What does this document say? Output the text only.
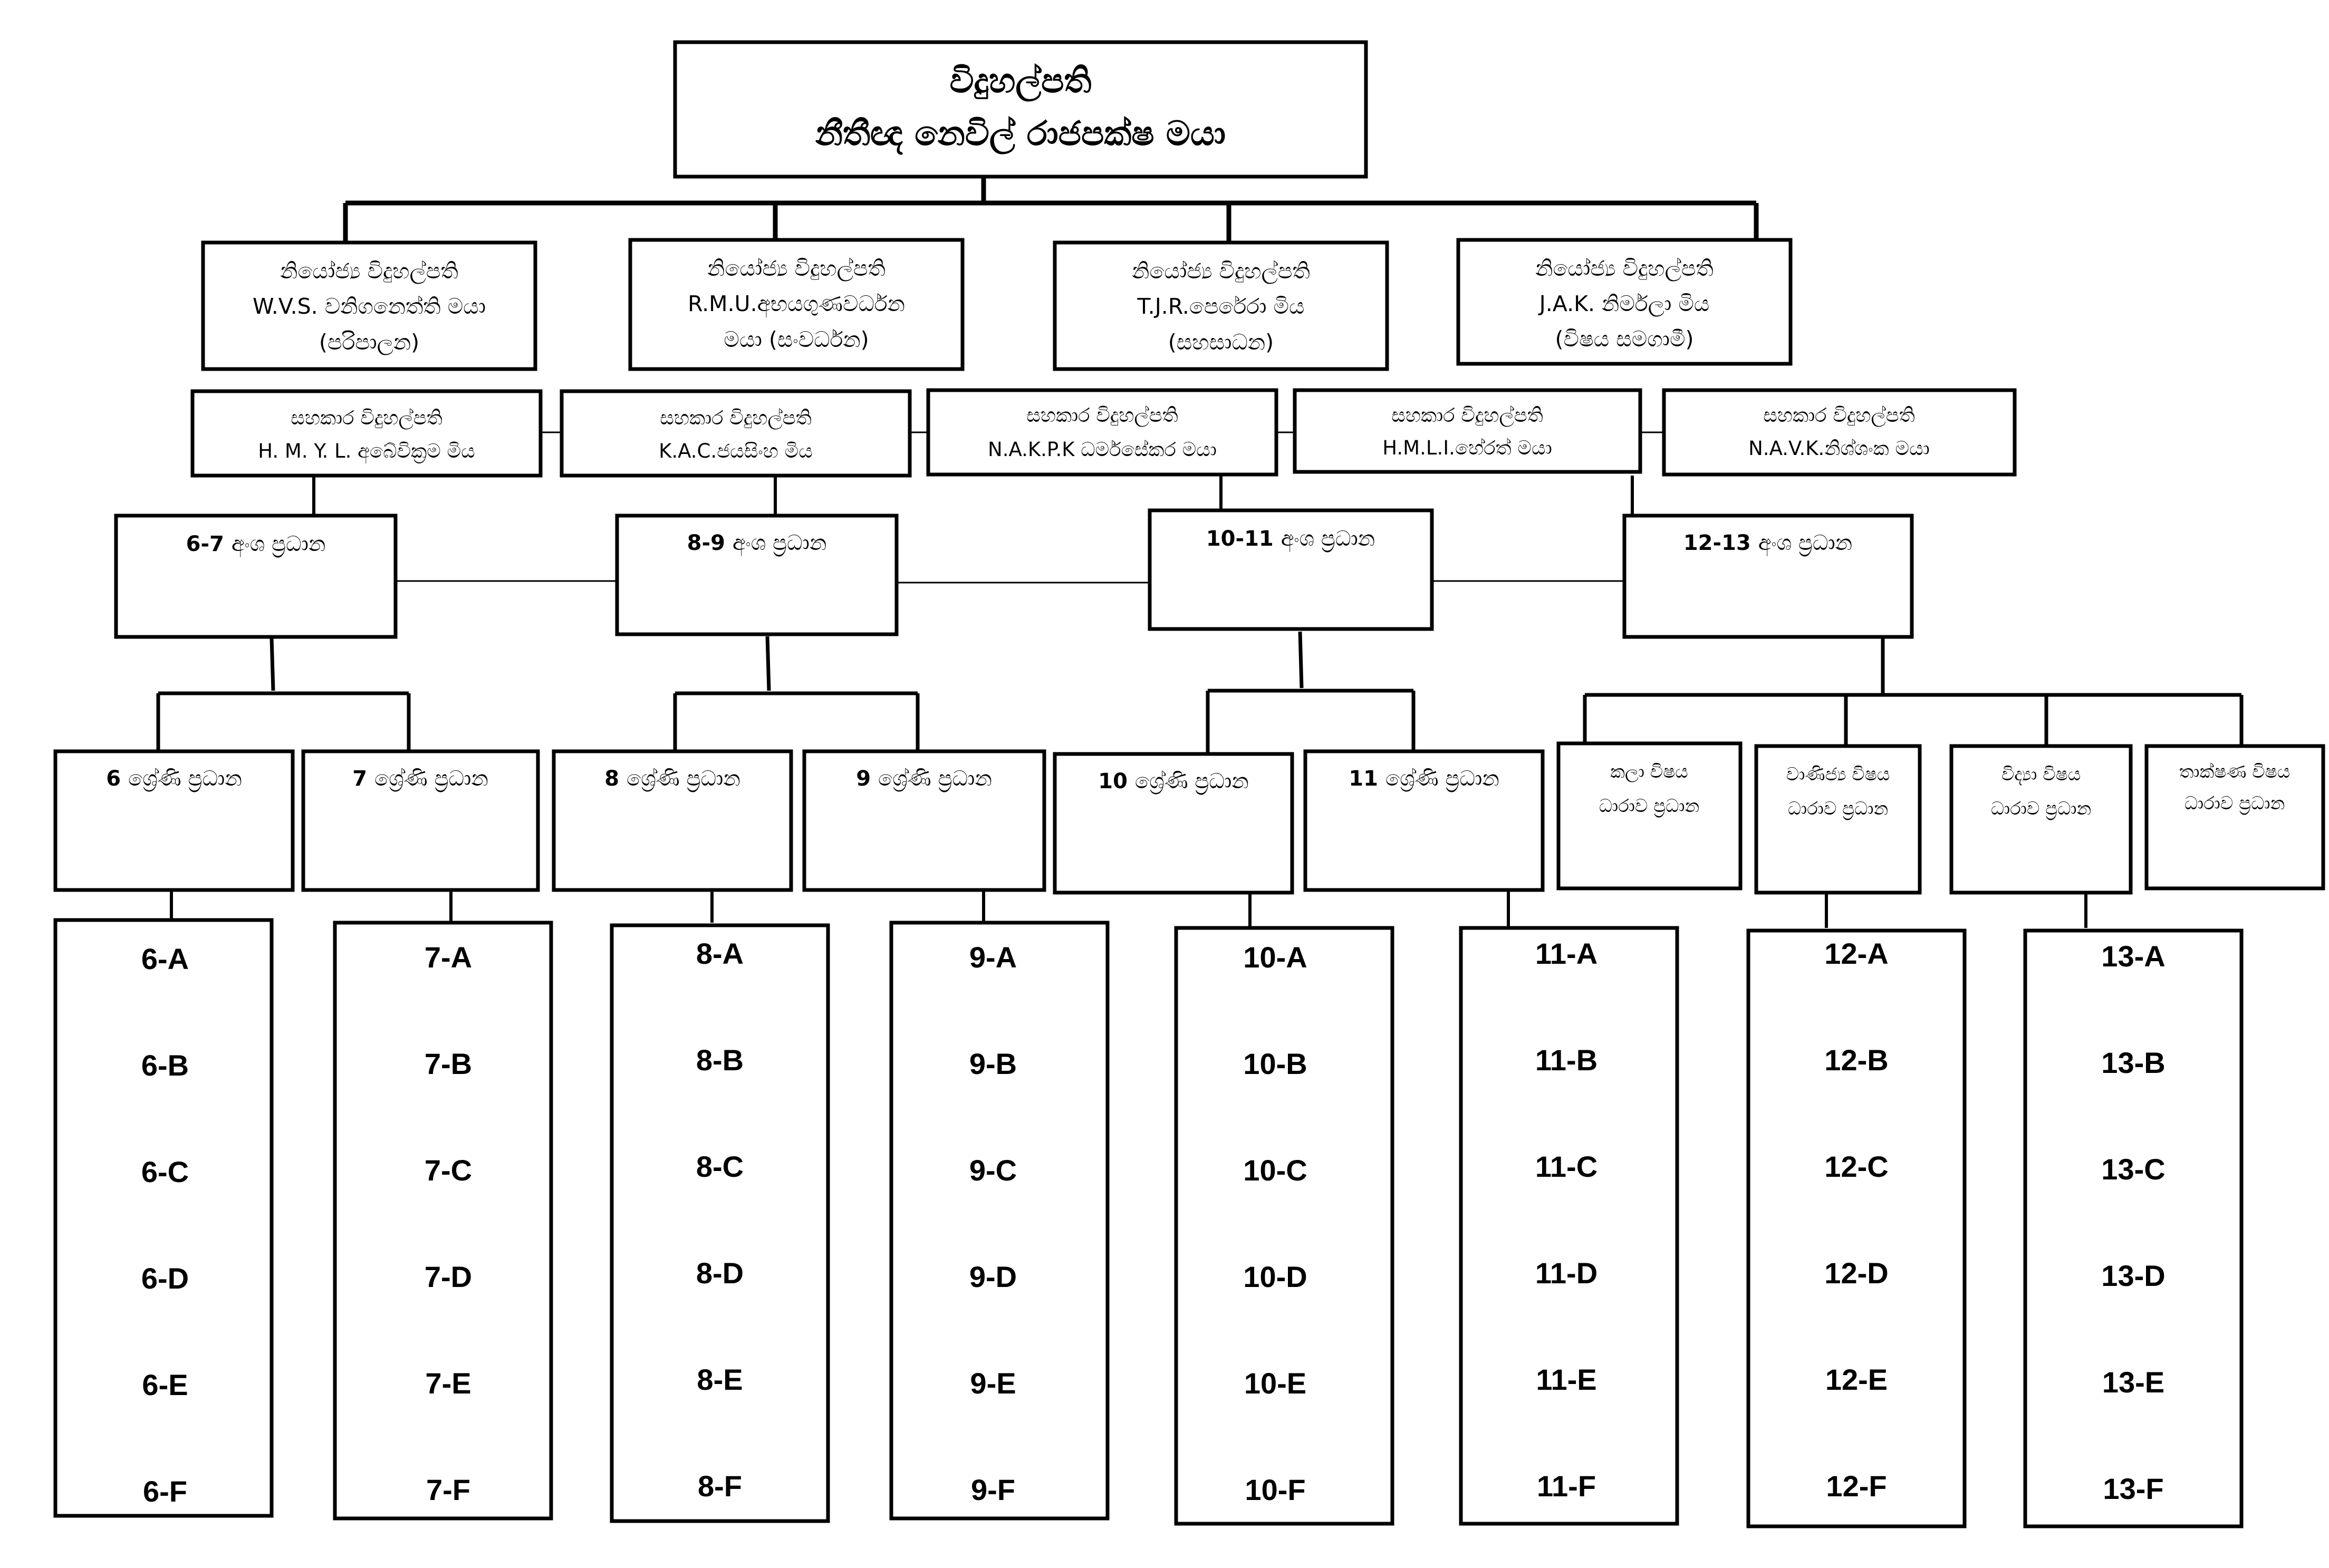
විදුහල්පති
නීතීඥ නෙවිල් රාජපක්ෂ මයා
නියෝජ්‍ය විදුහල්පති
W.V.S. වනිගනෙත්ති මයා
(පරිපාලන)
නියෝජ්‍ය විදුහල්පති
R.M.U.අභයගුණවර්ධන
මයා (සංවර්ධන)
නියෝජ්‍ය විදුහල්පති
T.J.R.පෙරේරා මිය
(සහසාධන)
නියෝජ්‍ය විදුහල්පති
J.A.K. නිර්මලා මිය
(විෂය සමගාමී)
සහකාර විදුහල්පති
H. M. Y. L. අබේවික්‍රම මිය
සහකාර විදුහල්පති
K.A.C.ජයසිංහ මිය
සහකාර විදුහල්පති
N.A.K.P.K ධර්මසේකර මයා
සහකාර විදුහල්පති
H.M.L.I.හේරත් මයා
සහකාර විදුහල්පති
N.A.V.K.නිශ්ශංක මයා
6-7 අංශ ප්‍රධාන	8-9 අංශ ප්‍රධාන	10-11 අංශ ප්‍රධාන	12-13 අංශ ප්‍රධාන
6 ශ්‍රේණි ප්‍රධාන	7 ශ්‍රේණි ප්‍රධාන	8 ශ්‍රේණි ප්‍රධාන	9 ශ්‍රේණි ප්‍රධාන	10 ශ්‍රේණි ප්‍රධාන	11 ශ්‍රේණි ප්‍රධාන	කලා විෂය
ධාරාව ප්‍රධාන
වාණිජ්‍ය විෂය
ධාරාව ප්‍රධාන
විද්‍යා විෂය
ධාරාව ප්‍රධාන
තාක්ෂණ විෂය
ධාරාව ප්‍රධාන
6-A
6-B
6-C
6-D
6-E
6-F
7-A
7-B
7-C
7-D
7-E
7-F
8-A
8-B
8-C
8-D
8-E
8-F
9-A
9-B
9-C
9-D
9-E
9-F
10-A
10-B
10-C
10-D
10-E
10-F
11-A
11-B
11-C
11-D
11-E
11-F
12-A
12-B
12-C
12-D
12-E
12-F
13-A
13-B
13-C
13-D
13-E
13-F
